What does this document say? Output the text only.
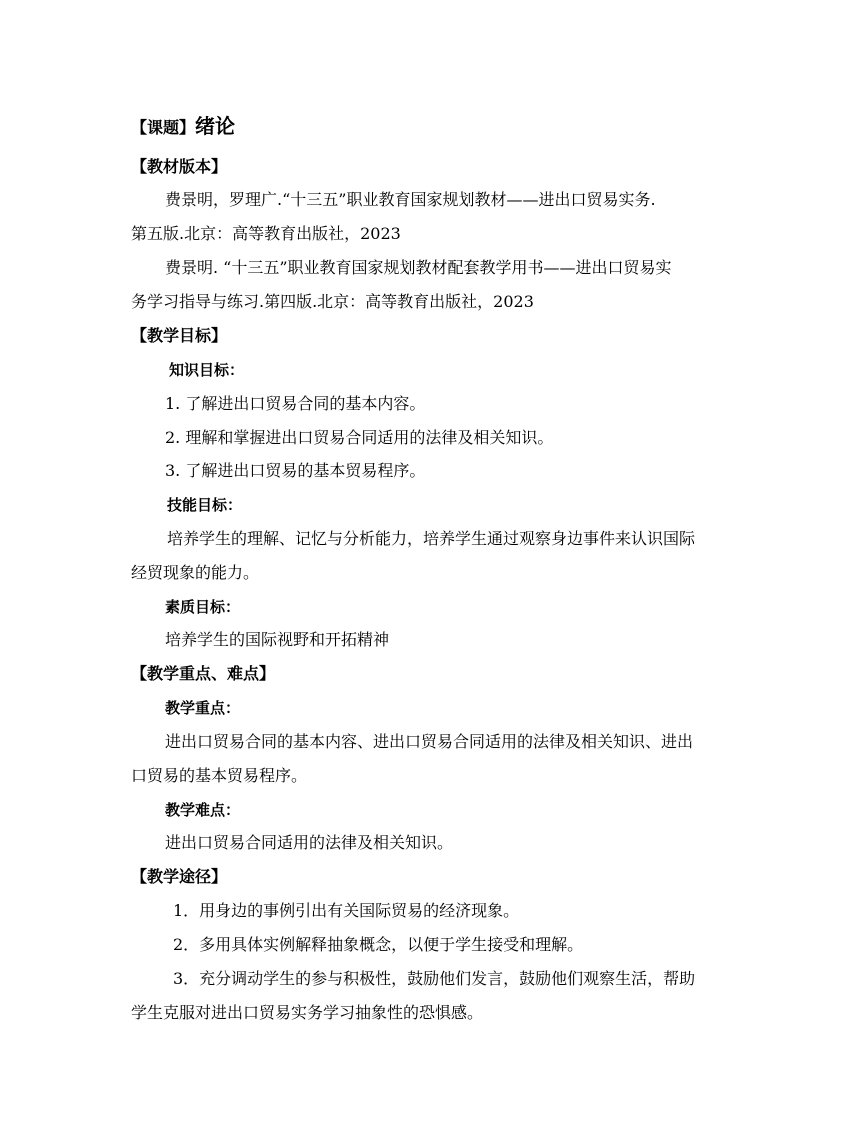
【课题】绪论
【教材版本】
费景明，罗理广.“十三五”职业教育国家规划教材——进出口贸易实务.
第五版.北京：高等教育出版社，2023
费景明. “十三五”职业教育国家规划教材配套教学用书——进出口贸易实
务学习指导与练习.第四版.北京：高等教育出版社，2023
【教学目标】
知识目标：
1. 了解进出口贸易合同的基本内容。
2. 理解和掌握进出口贸易合同适用的法律及相关知识。
3. 了解进出口贸易的基本贸易程序。
技能目标：
培养学生的理解、记忆与分析能力，培养学生通过观察身边事件来认识国际
经贸现象的能力。
素质目标：
培养学生的国际视野和开拓精神
【教学重点、难点】
教学重点：
进出口贸易合同的基本内容、进出口贸易合同适用的法律及相关知识、进出
口贸易的基本贸易程序。
教学难点：
进出口贸易合同适用的法律及相关知识。
【教学途径】
1．用身边的事例引出有关国际贸易的经济现象。
2．多用具体实例解释抽象概念，以便于学生接受和理解。
3．充分调动学生的参与积极性，鼓励他们发言，鼓励他们观察生活，帮助
学生克服对进出口贸易实务学习抽象性的恐惧感。
